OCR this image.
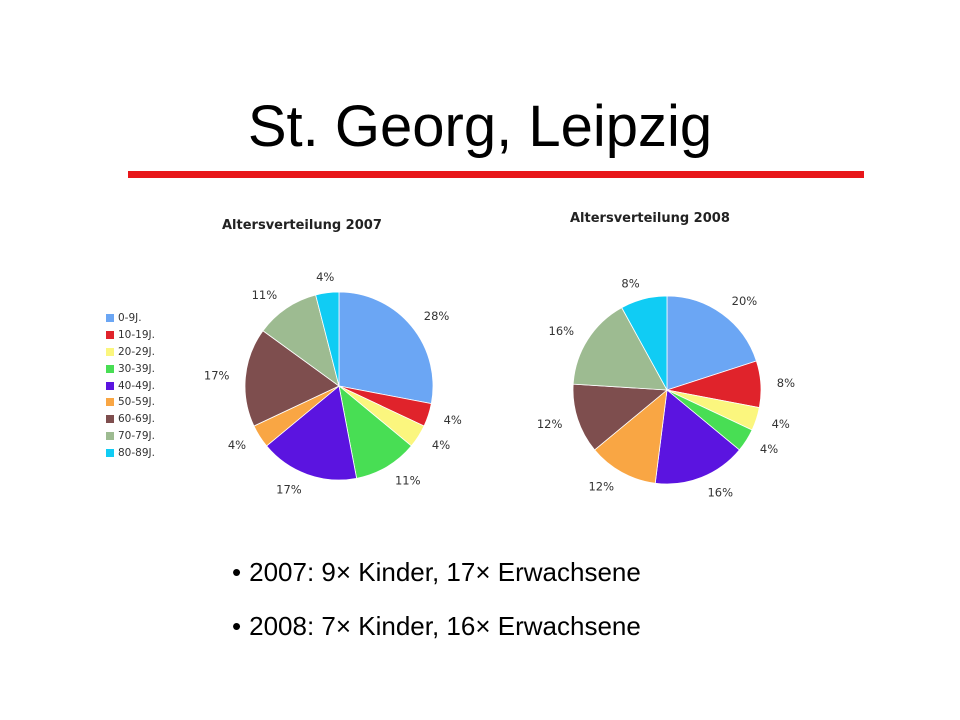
St. Georg, Leipzig
Altersverteilung 2007	Altersverteilung 2008
28%
4%
4%
11%
17%
4%
17%
11%
4%
20%
8%
4%
4%
16%
12%
12%
16%
8%
0-9J.
10-19J.
20-29J.
30-39J.
40-49J.
50-59J.
60-69J.
70-79J.
80-89J.
• 2007: 9× Kinder, 17× Erwachsene
• 2008: 7× Kinder, 16× Erwachsene
